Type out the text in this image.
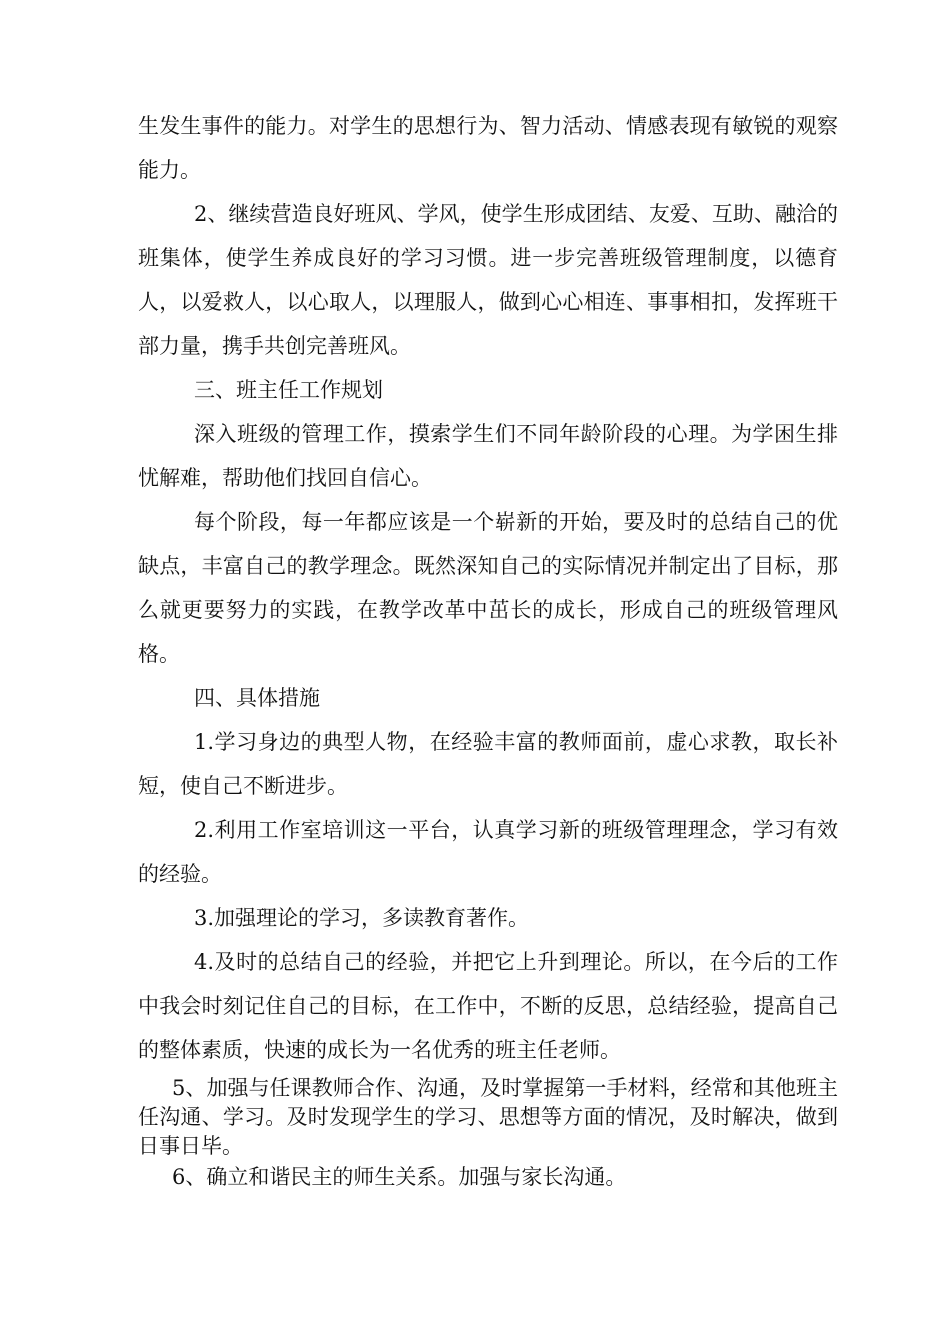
生发生事件的能力。对学生的思想行为、智力活动、情感表现有敏锐的观察能力。

2、继续营造良好班风、学风，使学生形成团结、友爱、互助、融洽的班集体，使学生养成良好的学习习惯。进一步完善班级管理制度，以德育人，以爱救人，以心取人，以理服人，做到心心相连、事事相扣，发挥班干部力量，携手共创完善班风。

三、班主任工作规划

深入班级的管理工作，摸索学生们不同年龄阶段的心理。为学困生排忧解难，帮助他们找回自信心。

每个阶段，每一年都应该是一个崭新的开始，要及时的总结自己的优缺点，丰富自己的教学理念。既然深知自己的实际情况并制定出了目标，那么就更要努力的实践，在教学改革中茁长的成长，形成自己的班级管理风格。

四、具体措施

1.学习身边的典型人物，在经验丰富的教师面前，虚心求教，取长补短，使自己不断进步。

2.利用工作室培训这一平台，认真学习新的班级管理理念，学习有效的经验。

3.加强理论的学习，多读教育著作。

4.及时的总结自己的经验，并把它上升到理论。所以，在今后的工作中我会时刻记住自己的目标，在工作中，不断的反思，总结经验，提高自己的整体素质，快速的成长为一名优秀的班主任老师。

5、加强与任课教师合作、沟通，及时掌握第一手材料，经常和其他班主任沟通、学习。及时发现学生的学习、思想等方面的情况，及时解决，做到日事日毕。

6、确立和谐民主的师生关系。加强与家长沟通。
